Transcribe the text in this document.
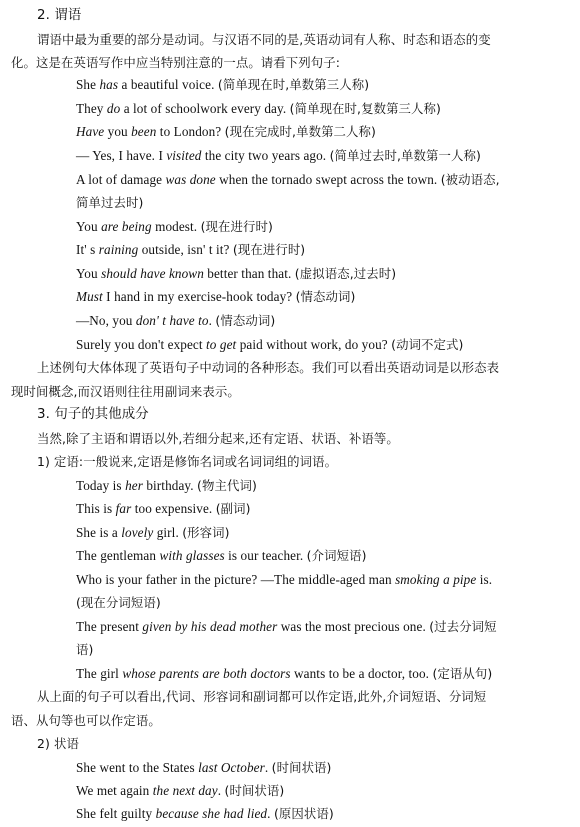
2. 谓语
谓语中最为重要的部分是动词。与汉语不同的是,英语动词有人称、时态和语态的变
化。这是在英语写作中应当特别注意的一点。请看下列句子:
She has a beautiful voice. (简单现在时,单数第三人称)
They do a lot of schoolwork every day. (简单现在时,复数第三人称)
Have you been to London? (现在完成时,单数第二人称)
— Yes, I have. I visited the city two years ago. (简单过去时,单数第一人称)
A lot of damage was done when the tornado swept across the town. (被动语态,
简单过去时)
You are being modest. (现在进行时)
It' s raining outside, isn' t it? (现在进行时)
You should have known better than that. (虚拟语态,过去时)
Must I hand in my exercise-hook today? (情态动词)
—No, you don' t have to. (情态动词)
Surely you don't expect to get paid without work, do you? (动词不定式)
上述例句大体体现了英语句子中动词的各种形态。我们可以看出英语动词是以形态表
现时间概念,而汉语则往往用副词来表示。
3. 句子的其他成分
当然,除了主语和谓语以外,若细分起来,还有定语、状语、补语等。
1) 定语:一般说来,定语是修饰名词或名词词组的词语。
Today is her birthday. (物主代词)
This is far too expensive. (副词)
She is a lovely girl. (形容词)
The gentleman with glasses is our teacher. (介词短语)
Who is your father in the picture? —The middle-aged man smoking a pipe is.
(现在分词短语)
The present given by his dead mother was the most precious one. (过去分词短
语)
The girl whose parents are both doctors wants to be a doctor, too. (定语从句)
从上面的句子可以看出,代词、形容词和副词都可以作定语,此外,介词短语、分词短
语、从句等也可以作定语。
2) 状语
She went to the States last October. (时间状语)
We met again the next day. (时间状语)
She felt guilty because she had lied. (原因状语)
